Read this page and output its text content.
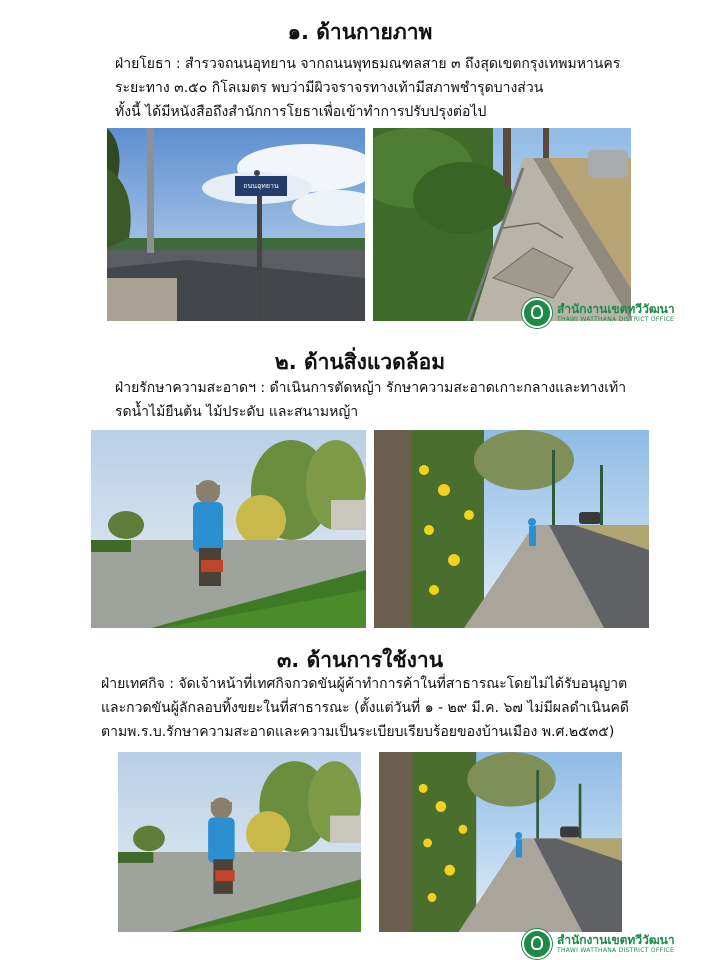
๑. ด้านกายภาพ
ฝ่ายโยธา : สำรวจถนนอุทยาน จากถนนพุทธมณฑลสาย ๓ ถึงสุดเขตกรุงเทพมหานคร
ระยะทาง ๓.๕๐ กิโลเมตร พบว่ามีผิวจราจรทางเท้ามีสภาพชำรุดบางส่วน
ทั้งนี้ ได้มีหนังสือถึงสำนักการโยธาเพื่อเข้าทำการปรับปรุงต่อไป
ถนนอุทยาน
สำนักงานเขตทวีวัฒนา
THAWI WATTHANA DISTRICT OFFICE
๒. ด้านสิ่งแวดล้อม
ฝ่ายรักษาความสะอาดฯ : ดำเนินการตัดหญ้า รักษาความสะอาดเกาะกลางและทางเท้า
รดน้ำไม้ยืนต้น ไม้ประดับ และสนามหญ้า
๓. ด้านการใช้งาน
ฝ่ายเทศกิจ : จัดเจ้าหน้าที่เทศกิจกวดขันผู้ค้าทำการค้าในที่สาธารณะโดยไม่ได้รับอนุญาต
และกวดขันผู้ลักลอบทิ้งขยะในที่สาธารณะ (ตั้งแต่วันที่ ๑ - ๒๙ มี.ค. ๖๗ ไม่มีผลดำเนินคดี
ตามพ.ร.บ.รักษาความสะอาดและความเป็นระเบียบเรียบร้อยของบ้านเมือง พ.ศ.๒๕๓๕)
สำนักงานเขตทวีวัฒนา
THAWI WATTHANA DISTRICT OFFICE
